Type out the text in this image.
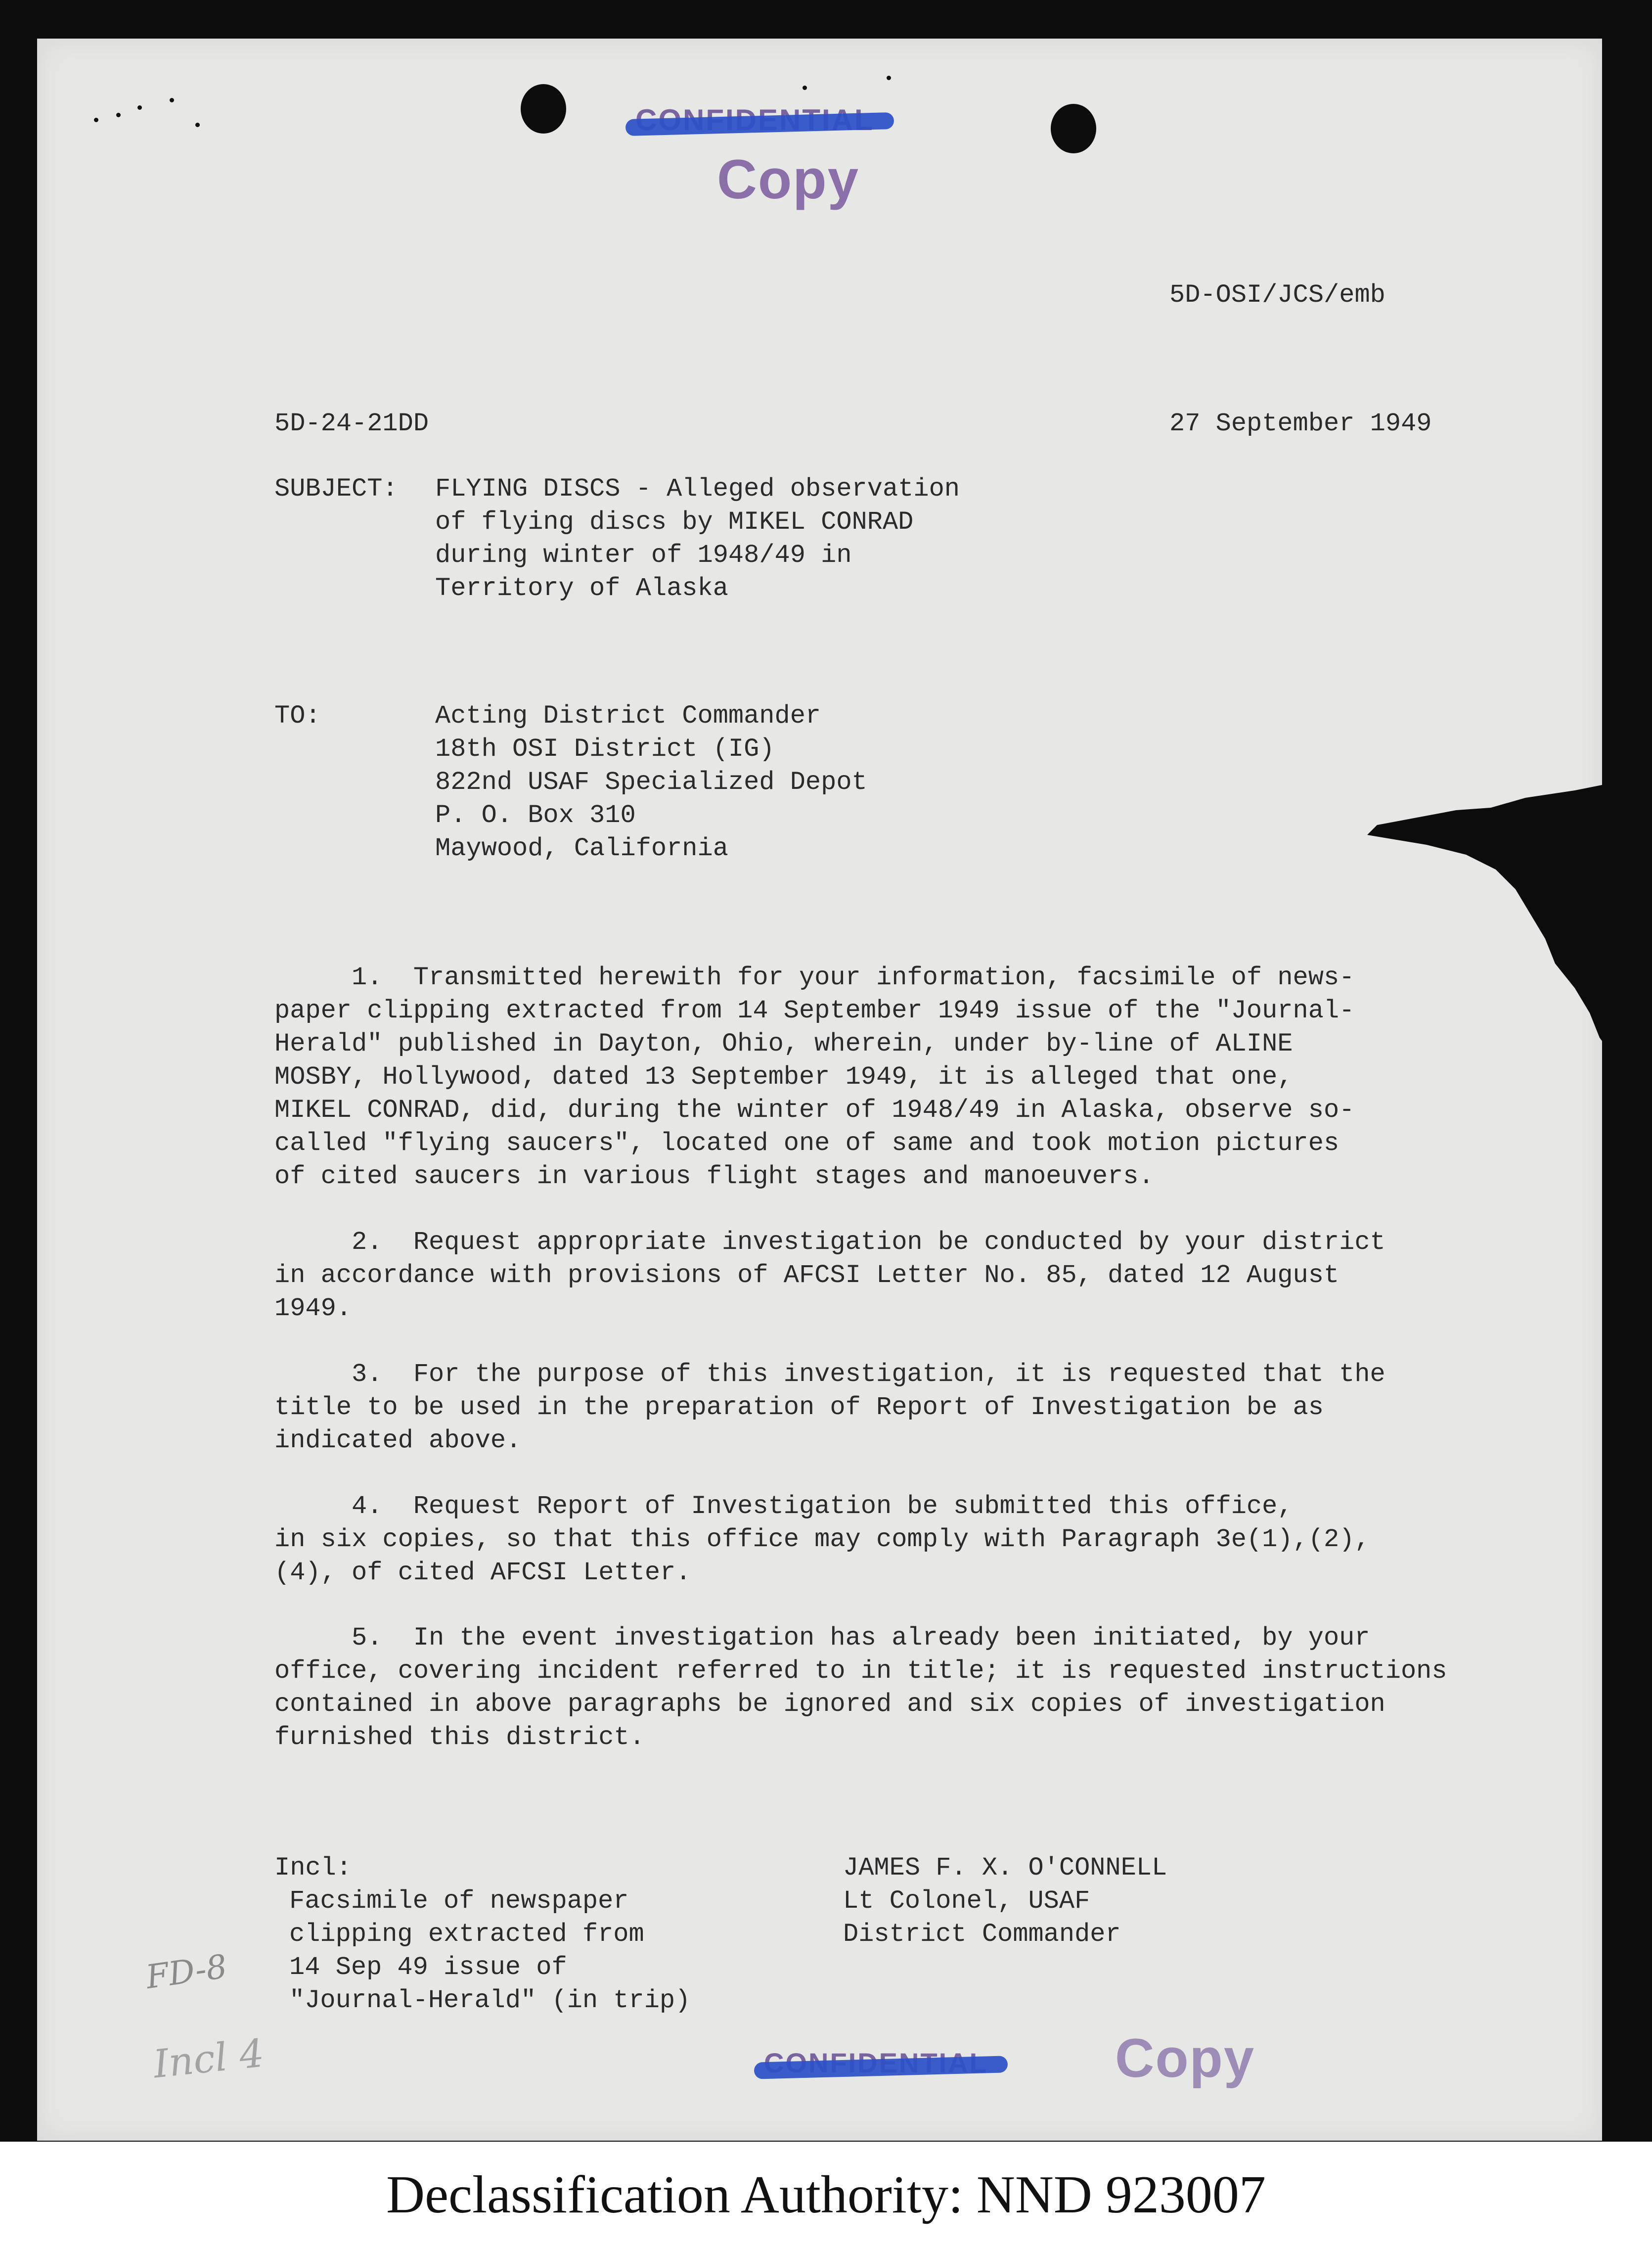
Copy
5D-OSI/JCS/emb
5D-24-21DD	27 September 1949
SUBJECT: FLYING DISCS - Alleged observation
of flying discs by MIKEL CONRAD
during winter of 1948/49 in
Territory of Alaska
TO:	Acting District Commander
18th OSI District (IG)
822nd USAF Specialized Depot
P. O. Box 310
Maywood, California
1.  Transmitted herewith for your information, facsimile of news-
paper clipping extracted from 14 September 1949 issue of the "Journal-
Herald" published in Dayton, Ohio, wherein, under by-line of ALINE
MOSBY, Hollywood, dated 13 September 1949, it is alleged that one,
MIKEL CONRAD, did, during the winter of 1948/49 in Alaska, observe so-
called "flying saucers", located one of same and took motion pictures
of cited saucers in various flight stages and manoeuvers.
2.  Request appropriate investigation be conducted by your district
in accordance with provisions of AFCSI Letter No. 85, dated 12 August
1949.
3.  For the purpose of this investigation, it is requested that the
title to be used in the preparation of Report of Investigation be as
indicated above.
4.  Request Report of Investigation be submitted this office,
in six copies, so that this office may comply with Paragraph 3e(1),(2),
(4), of cited AFCSI Letter.
5.  In the event investigation has already been initiated, by your
office, covering incident referred to in title; it is requested instructions
contained in above paragraphs be ignored and six copies of investigation
furnished this district.
Incl:
Facsimile of newspaper
clipping extracted from
14 Sep 49 issue of
"Journal-Herald" (in trip)
JAMES F. X. O'CONNELL
Lt Colonel, USAF
District Commander
FD-8
Incl 4	Copy
Declassification Authority: NND 923007
